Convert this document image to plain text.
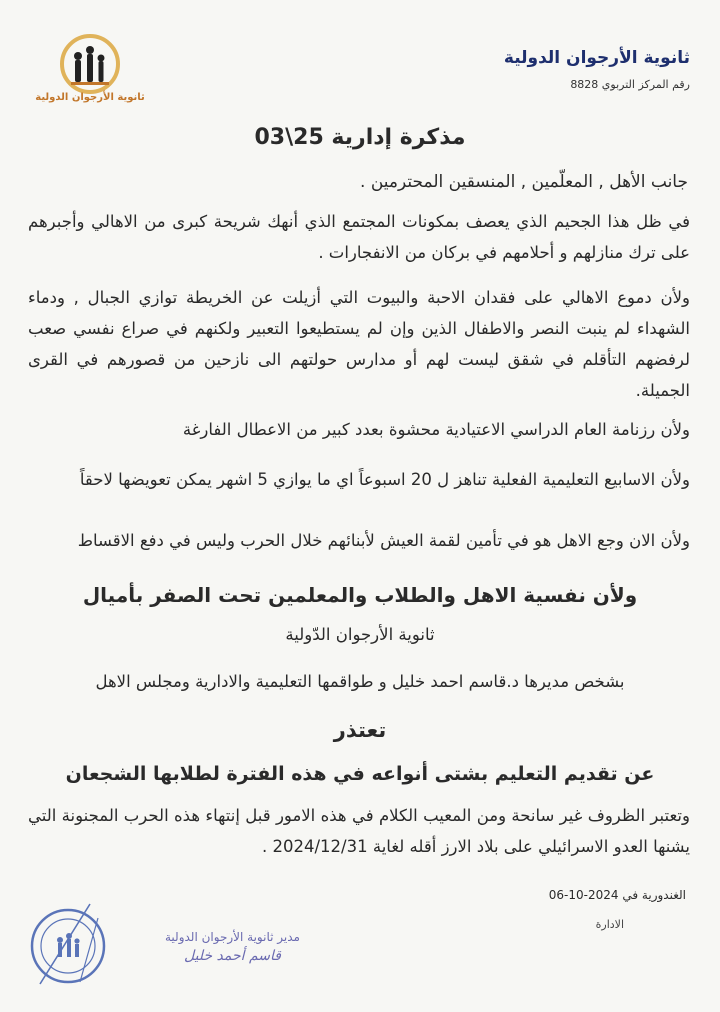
ثانوية الأرجوان الدولية
رقم المركز التربوي 8828
ثانوية الأرجوان الدولية
مذكرة إدارية 25\03
جانب الأهل , المعلّمين , المنسقين المحترمين .
في ظل هذا الجحيم الذي يعصف بمكونات المجتمع الذي أنهك شريحة كبرى من الاهالي وأجبرهم على ترك منازلهم و أحلامهم في بركان من الانفجارات .
ولأن دموع الاهالي على فقدان الاحبة والبيوت التي أزيلت عن الخريطة توازي الجبال , ودماء الشهداء لم ينبت النصر والاطفال الذين وإن لم يستطيعوا التعبير ولكنهم في صراع نفسي صعب لرفضهم التأقلم في شقق ليست لهم أو مدارس حولتهم الى نازحين من قصورهم في القرى الجميلة.
ولأن رزنامة العام الدراسي الاعتيادية محشوة بعدد كبير من الاعطال الفارغة
ولأن الاسابيع التعليمية الفعلية تناهز ل 20 اسبوعاً اي ما يوازي 5 اشهر يمكن تعويضها لاحقاً
ولأن الان وجع الاهل هو في تأمين لقمة العيش لأبنائهم خلال الحرب وليس في دفع الاقساط
ولأن نفسية الاهل والطلاب والمعلمين تحت الصفر بأميال
ثانوية الأرجوان الدّولية
بشخص مديرها د.قاسم احمد خليل و طواقمها التعليمية والادارية ومجلس الاهل
تعتذر
عن تقديم التعليم بشتى أنواعه في هذه الفترة لطلابها الشجعان
وتعتبر الظروف غير سانحة ومن المعيب الكلام في هذه الامور قبل إنتهاء هذه الحرب المجنونة التي يشنها العدو الاسرائيلي على بلاد الارز أقله لغاية 2024/12/31 .
الغندورية في 2024-10-06
الادارة
مدير ثانوية الأرجوان الدولية
قاسم أحمد خليل
